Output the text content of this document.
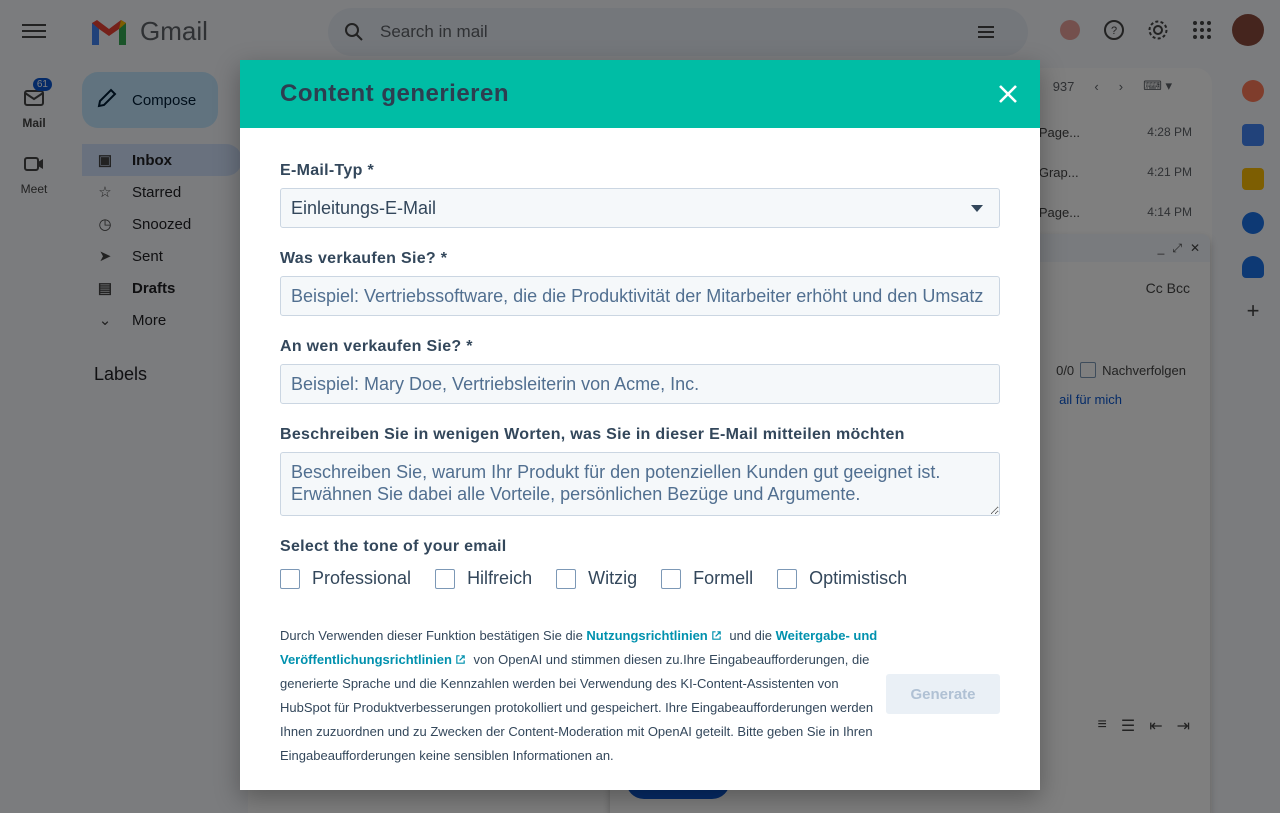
Content generieren
E-Mail-Typ *
Einleitungs-E-Mail
Was verkaufen Sie? *
Beispiel: Vertriebssoftware, die die Produktivität der Mitarbeiter erhöht und den Umsatz steigert
An wen verkaufen Sie? *
Beispiel: Mary Doe, Vertriebsleiterin von Acme, Inc.
Beschreiben Sie in wenigen Worten, was Sie in dieser E-Mail mitteilen möchten
Beschreiben Sie, warum Ihr Produkt für den potenziellen Kunden gut geeignet ist. Erwähnen Sie dabei alle Vorteile, persönlichen Bezüge und Argumente.
Select the tone of your email
Professional	Hilfreich	Witzig	Formell	Optimistisch
Durch Verwenden dieser Funktion bestätigen Sie die Nutzungsrichtlinien und die Weitergabe- und Veröffentlichungsrichtlinien von OpenAI und stimmen diesen zu.Ihre Eingabeaufforderungen, die generierte Sprache und die Kennzahlen werden bei Verwendung des KI-Content-Assistenten von HubSpot für Produktverbesserungen protokolliert und gespeichert. Ihre Eingabeaufforderungen werden Ihnen zuzuordnen und zu Zwecken der Content-Moderation mit OpenAI geteilt. Bitte geben Sie in Ihren Eingabeaufforderungen keine sensiblen Informationen an.
Generate
